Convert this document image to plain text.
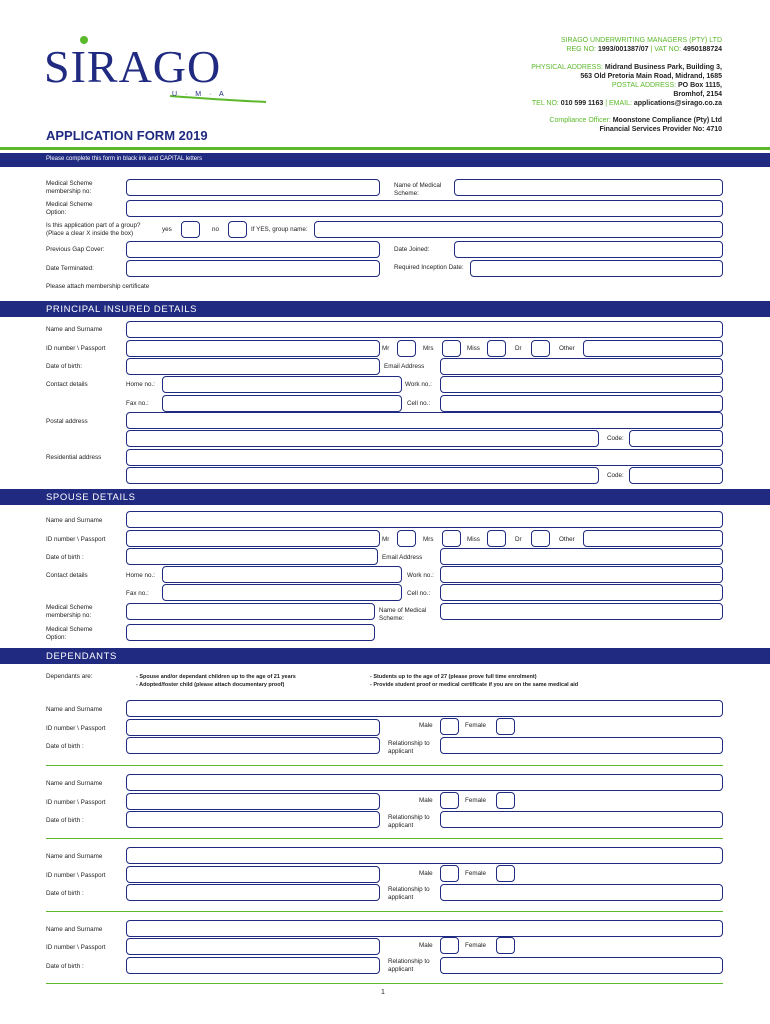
SIRAGO
U · M · A
SIRAGO UNDERWRITING MANAGERS (PTY) LTD
REG NO: 1993/001387/07 | VAT NO: 4950188724
PHYSICAL ADDRESS: Midrand Business Park, Building 3,
563 Old Pretoria Main Road, Midrand, 1685
POSTAL ADDRESS: PO Box 1115,
Bromhof, 2154
TEL NO: 010 599 1163 | EMAIL: applications@sirago.co.za
Compliance Officer: Moonstone Compliance (Pty) Ltd
Financial Services Provider No: 4710
APPLICATION FORM 2019
Please complete this form in black ink and CAPITAL letters
Medical Scheme membership no:
Name of Medical Scheme:
Medical Scheme Option:
Is this application part of a group?
(Place a clear X inside the box)
yes	no	If YES, group name:
Previous Gap Cover:	Date Joined:
Date Terminated:	Required Inception Date:
Please attach membership certificate
PRINCIPAL INSURED DETAILS
Name and Surname
ID number \ Passport	Mr	Mrs	Miss	Dr	Other
Date of birth:	Email Address
Contact details	Home no.:	Work no.:
Fax no.:	Cell no.:
Postal address
Code:
Residential address
Code:
SPOUSE DETAILS
Name and Surname
ID number \ Passport	Mr	Mrs	Miss	Dr	Other
Date of birth :	Email Address
Contact details	Home no.:	Work no.:
Fax no.:	Cell no.:
Medical Scheme membership no:
Name of Medical Scheme:
Medical Scheme Option:
DEPENDANTS
Dependants are:	- Spouse and/or dependant children up to the age of 21 years
- Adopted/foster child (please attach documentary proof)
- Students up to the age of 27 (please prove full time enrolment)
- Provide student proof or medical certificate if you are on the same medical aid
Name and Surname
ID number \ Passport	Male	Female
Date of birth :	Relationship to applicant
Name and Surname
ID number \ Passport	Male	Female
Date of birth :	Relationship to applicant
Name and Surname
ID number \ Passport	Male	Female
Date of birth :
Relationship to applicant
Name and Surname
ID number \ Passport	Male	Female
Date of birth :
Relationship to applicant
1
